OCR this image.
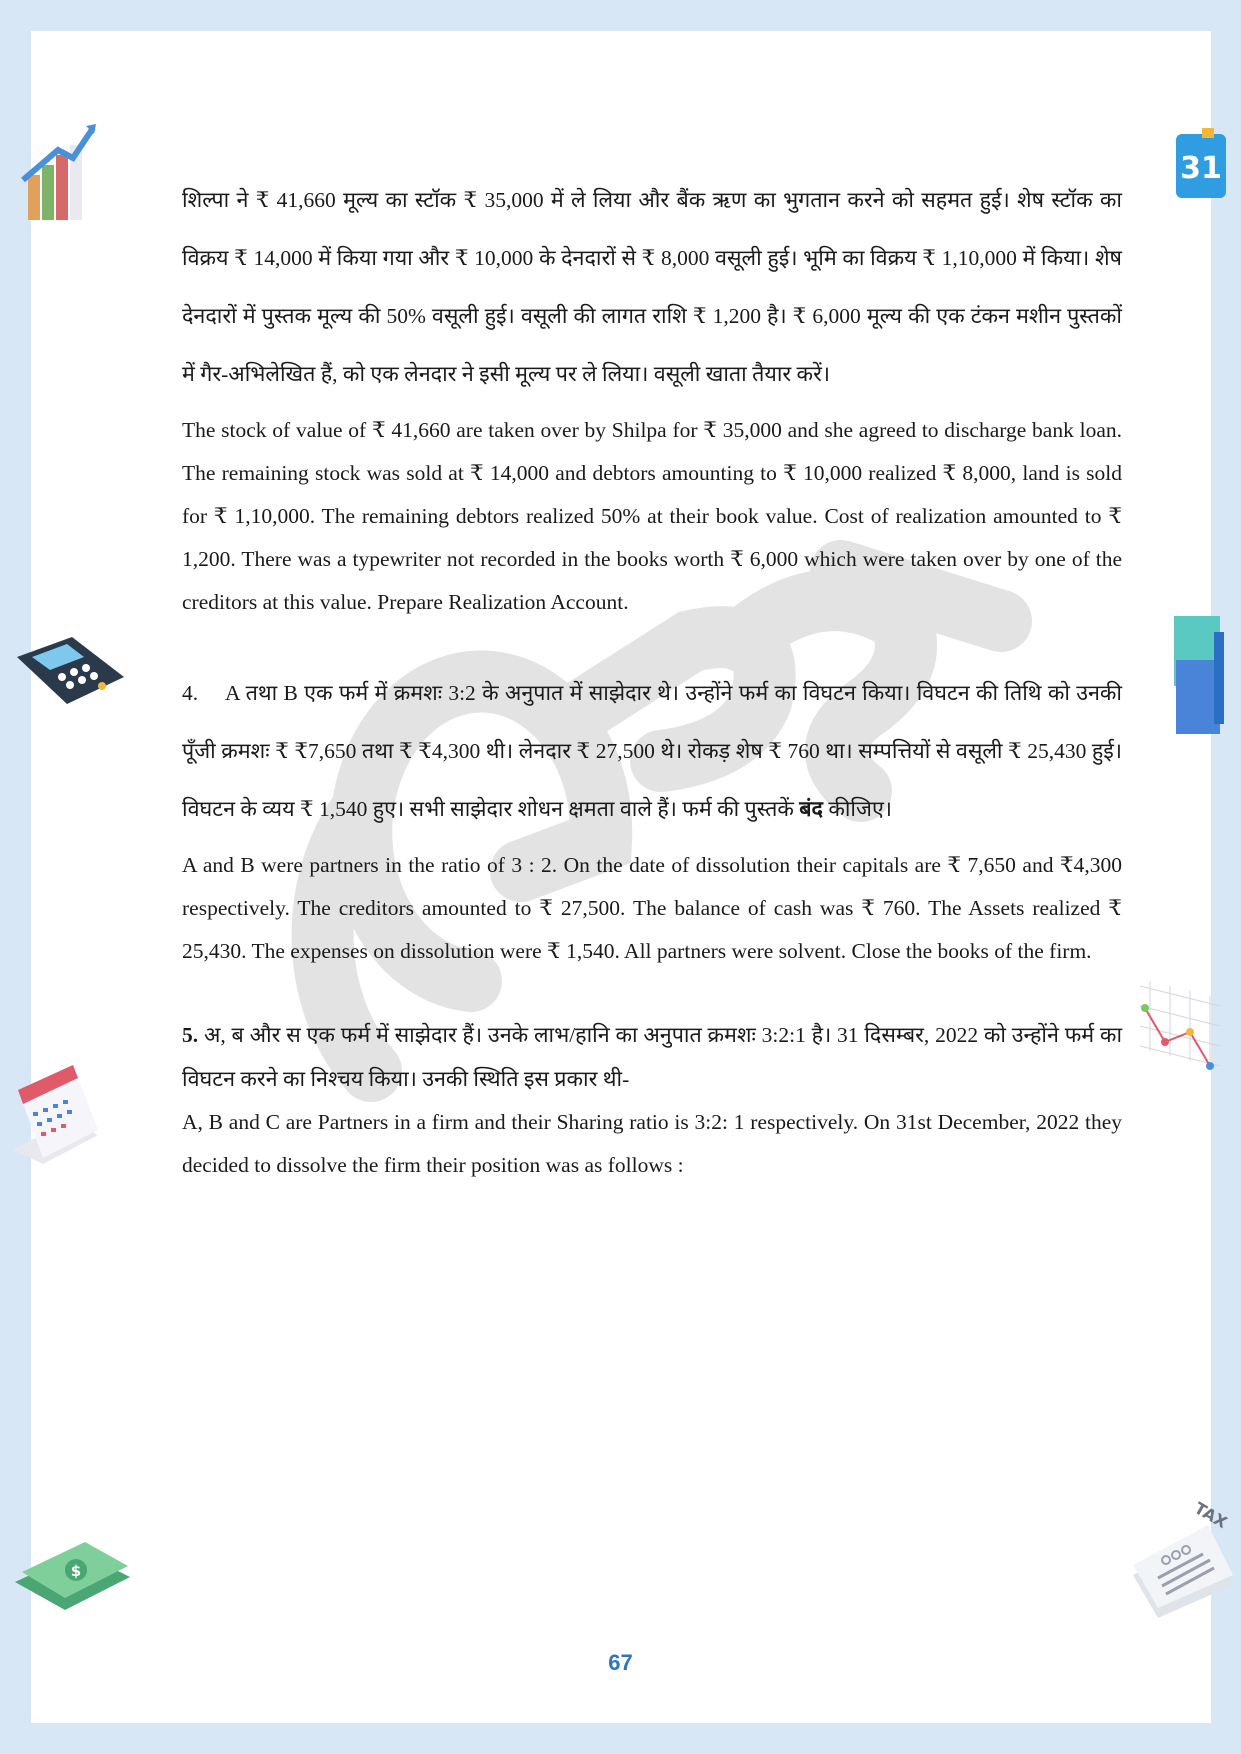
शिल्पा ने ₹ 41,660 मूल्य का स्टॉक ₹ 35,000 में ले लिया और बैंक ऋण का भुगतान करने को सहमत हुई। शेष स्टॉक का विक्रय ₹ 14,000 में किया गया और ₹ 10,000 के देनदारों से ₹ 8,000 वसूली हुई। भूमि का विक्रय ₹ 1,10,000 में किया। शेष देनदारों में पुस्तक मूल्य की 50% वसूली हुई। वसूली की लागत राशि ₹ 1,200 है। ₹ 6,000 मूल्य की एक टंकन मशीन पुस्तकों में गैर-अभिलेखित हैं, को एक लेनदार ने इसी मूल्य पर ले लिया। वसूली खाता तैयार करें।

The stock of value of ₹ 41,660 are taken over by Shilpa for ₹ 35,000 and she agreed to discharge bank loan. The remaining stock was sold at ₹ 14,000 and debtors amounting to ₹ 10,000 realized ₹ 8,000, land is sold for ₹ 1,10,000. The remaining debtors realized 50% at their book value. Cost of realization amounted to ₹ 1,200. There was a typewriter not recorded in the books worth ₹ 6,000 which were taken over by one of the creditors at this value. Prepare Realization Account.

4. A तथा B एक फर्म में क्रमशः 3:2 के अनुपात में साझेदार थे। उन्होंने फर्म का विघटन किया। विघटन की तिथि को उनकी पूँजी क्रमशः ₹ ₹7,650 तथा ₹ ₹4,300 थी। लेनदार ₹ 27,500 थे। रोकड़ शेष ₹ 760 था। सम्पत्तियों से वसूली ₹ 25,430 हुई। विघटन के व्यय ₹ 1,540 हुए। सभी साझेदार शोधन क्षमता वाले हैं। फर्म की पुस्तकें बंद कीजिए।

A and B were partners in the ratio of 3 : 2. On the date of dissolution their capitals are ₹ 7,650 and ₹4,300 respectively. The creditors amounted to ₹ 27,500. The balance of cash was ₹ 760. The Assets realized ₹ 25,430. The expenses on dissolution were ₹ 1,540. All partners were solvent. Close the books of the firm.

5. अ, ब और स एक फर्म में साझेदार हैं। उनके लाभ/हानि का अनुपात क्रमशः 3:2:1 है। 31 दिसम्बर, 2022 को उन्होंने फर्म का विघटन करने का निश्चय किया। उनकी स्थिति इस प्रकार थी-

A, B and C are Partners in a firm and their Sharing ratio is 3:2: 1 respectively. On 31st December, 2022 they decided to dissolve the firm their position was as follows :

31
$
TAX
67
